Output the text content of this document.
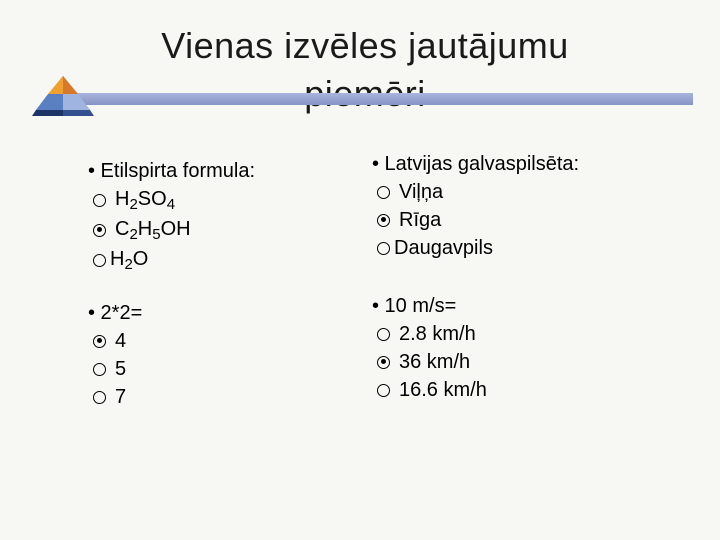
Vienas izvēles jautājumu
• Etilspirta formula:
$H_2SO_4$
$C_2H_5OH$
$H_2O$
• Latvijas galvaspilsēta:
Viļņa
Rīga
Daugavpils
• 2*2=
4
5
7
• 10 m/s=
2.8 km/h
36 km/h
16.6 km/h
